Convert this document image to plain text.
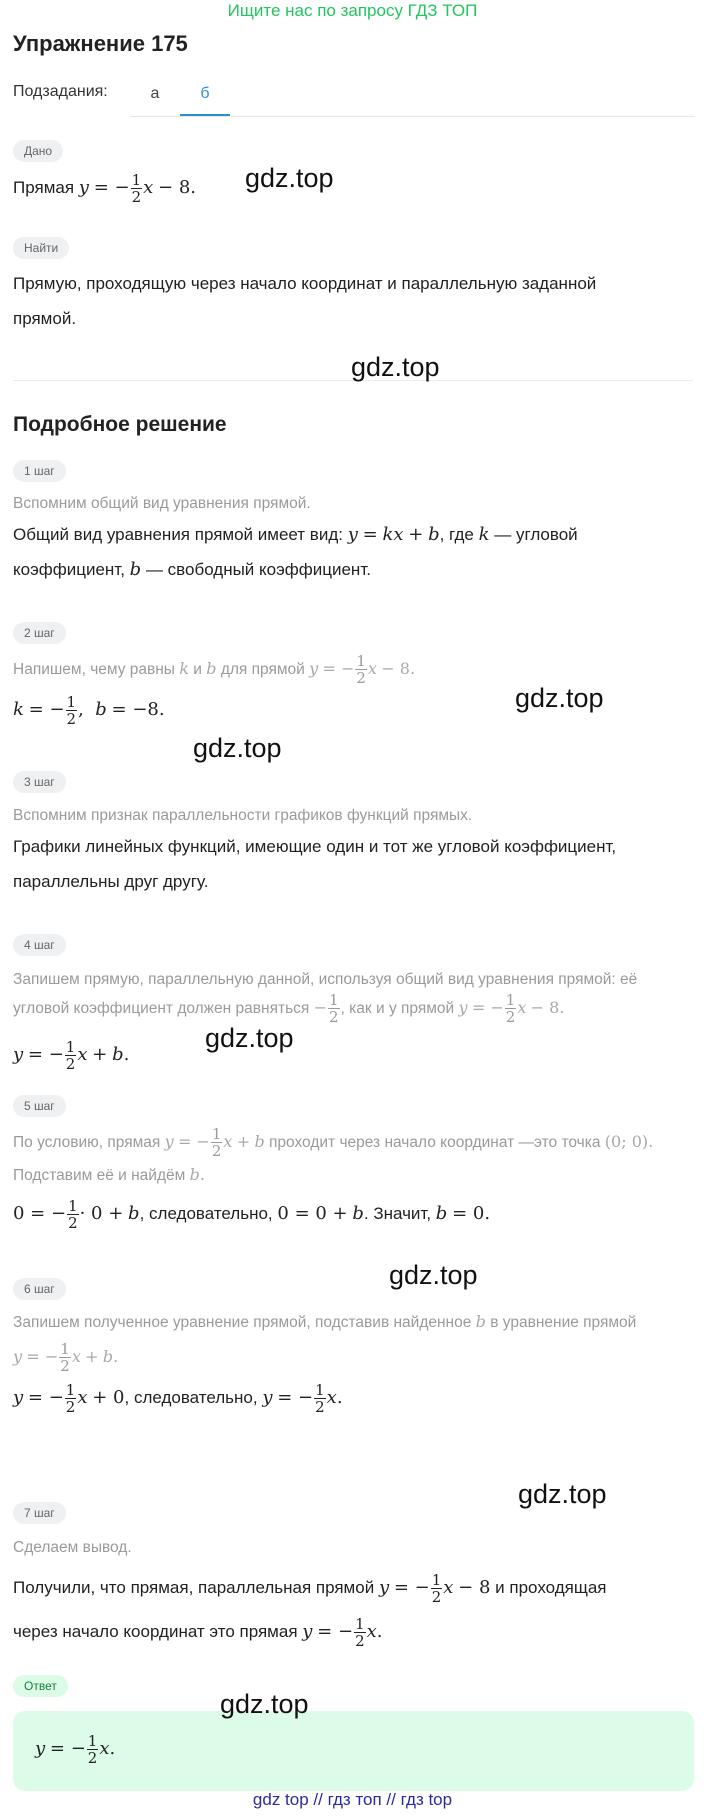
Ищите нас по запросу ГДЗ ТОП
Упражнение 175
Подзадания:	а	б
Дано
Прямая y = − $\frac{1}{2}$ x − 8.	gdz.top
Найти
Прямую, проходящую через начало координат и параллельную заданной
прямой.
gdz.top
Подробное решение
1 шаг
Вспомним общий вид уравнения прямой.
Общий вид уравнения прямой имеет вид: y = kx + b, где k — угловой
коэффициент, b — свободный коэффициент.
2 шаг
Напишем, чему равны k и b для прямой y = − $\frac{1}{2}$ x − 8.
k = − $\frac{1}{2}$ ,  b = −8.	gdz.top
gdz.top
3 шаг
Вспомним признак параллельности графиков функций прямых.
Графики линейных функций, имеющие один и тот же угловой коэффициент,
параллельны друг другу.
4 шаг
Запишем прямую, параллельную данной, используя общий вид уравнения прямой: её
угловой коэффициент должен равняться − $\frac{1}{2}$ , как и у прямой y = − $\frac{1}{2}$ x − 8.
y = − $\frac{1}{2}$ x + b.
gdz.top
5 шаг
По условию, прямая y = − $\frac{1}{2}$ x + b проходит через начало координат —это точка (0; 0).
Подставим её и найдём b.
0 = − $\frac{1}{2} \cdot 0 + b$, следовательно, 0 = 0 + b. Значит, b = 0.
gdz.top
6 шаг
Запишем полученное уравнение прямой, подставив найденное b в уравнение прямой
y = − $\frac{1}{2}$ x + b.
y = − $\frac{1}{2}$ x + 0, следовательно, y = − $\frac{1}{2} x$.
7 шаг
gdz.top
Сделаем вывод.
Получили, что прямая, параллельная прямой y = − $\frac{1}{2}$ x − 8 и проходящая
через начало координат это прямая y = − $\frac{1}{2} x$.
Ответ
y = − $\frac{1}{2} x$.
gdz.top
gdz top // гдз топ // гдз top
